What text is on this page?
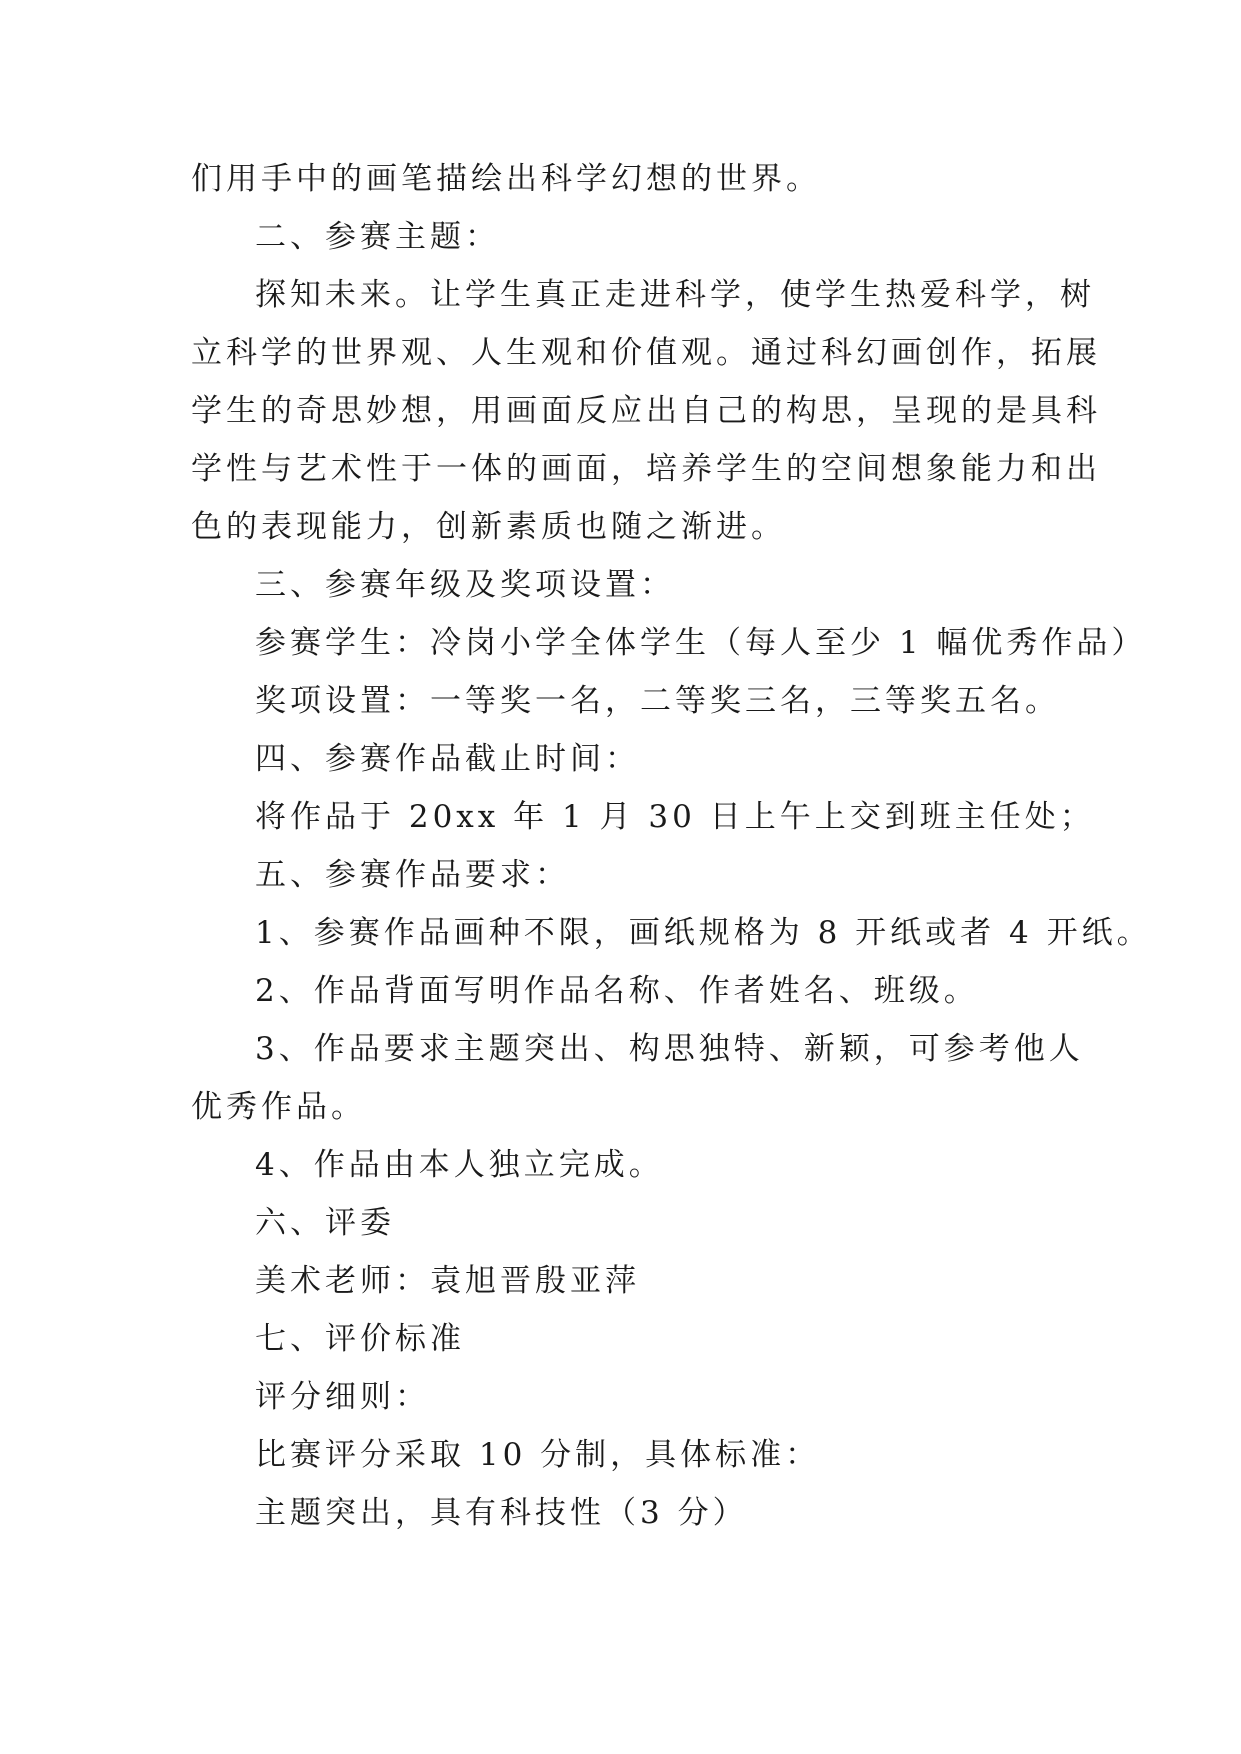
们用手中的画笔描绘出科学幻想的世界。
二、参赛主题：
探知未来。让学生真正走进科学，使学生热爱科学，树
立科学的世界观、人生观和价值观。通过科幻画创作，拓展
学生的奇思妙想，用画面反应出自己的构思，呈现的是具科
学性与艺术性于一体的画面，培养学生的空间想象能力和出
色的表现能力，创新素质也随之渐进。
三、参赛年级及奖项设置：
参赛学生：冷岗小学全体学生（每人至少 1 幅优秀作品）
奖项设置：一等奖一名，二等奖三名，三等奖五名。
四、参赛作品截止时间：
将作品于 20xx 年 1 月 30 日上午上交到班主任处；
五、参赛作品要求：
1、参赛作品画种不限，画纸规格为 8 开纸或者 4 开纸。
2、作品背面写明作品名称、作者姓名、班级。
3、作品要求主题突出、构思独特、新颖，可参考他人
优秀作品。
4、作品由本人独立完成。
六、评委
美术老师：袁旭晋殷亚萍
七、评价标准
评分细则：
比赛评分采取 10 分制，具体标准：
主题突出，具有科技性（3 分）
